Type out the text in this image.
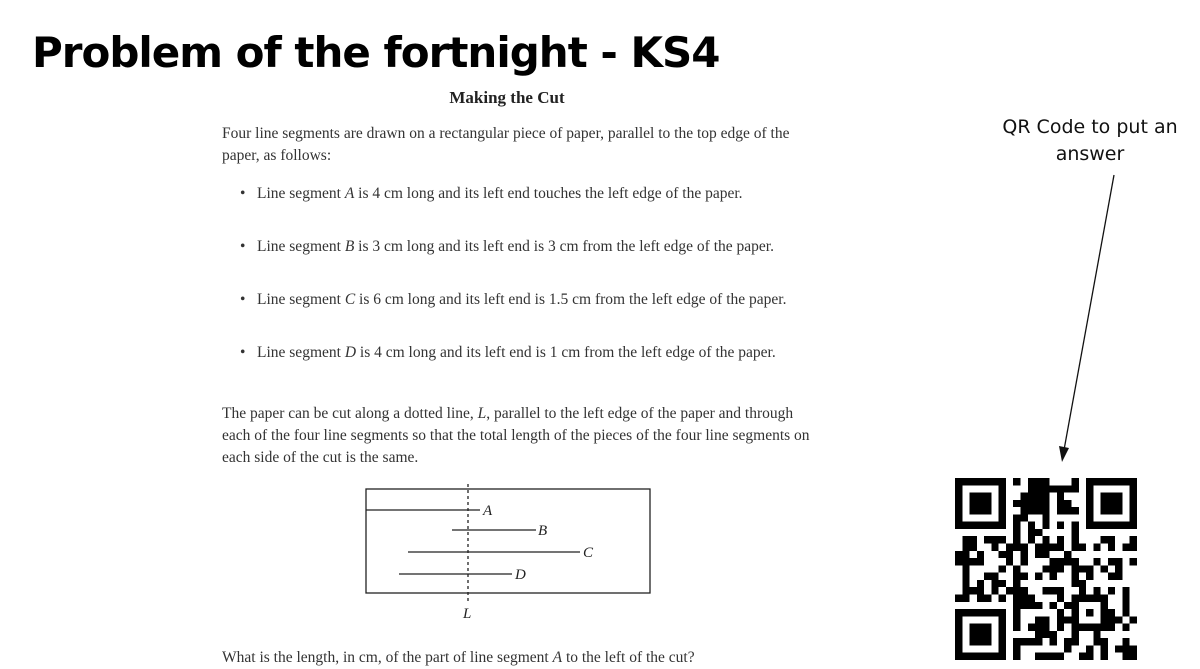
Problem of the fortnight - KS4
Making the Cut

Four line segments are drawn on a rectangular piece of paper, parallel to the top edge of the paper, as follows:

• Line segment A is 4 cm long and its left end touches the left edge of the paper.
• Line segment B is 3 cm long and its left end is 3 cm from the left edge of the paper.
• Line segment C is 6 cm long and its left end is 1.5 cm from the left edge of the paper.
• Line segment D is 4 cm long and its left end is 1 cm from the left edge of the paper.

The paper can be cut along a dotted line, L, parallel to the left edge of the paper and through each of the four line segments so that the total length of the pieces of the four line segments on each side of the cut is the same.

A
B
C
D
L

What is the length, in cm, of the part of line segment A to the left of the cut?

QR Code to put an answer
